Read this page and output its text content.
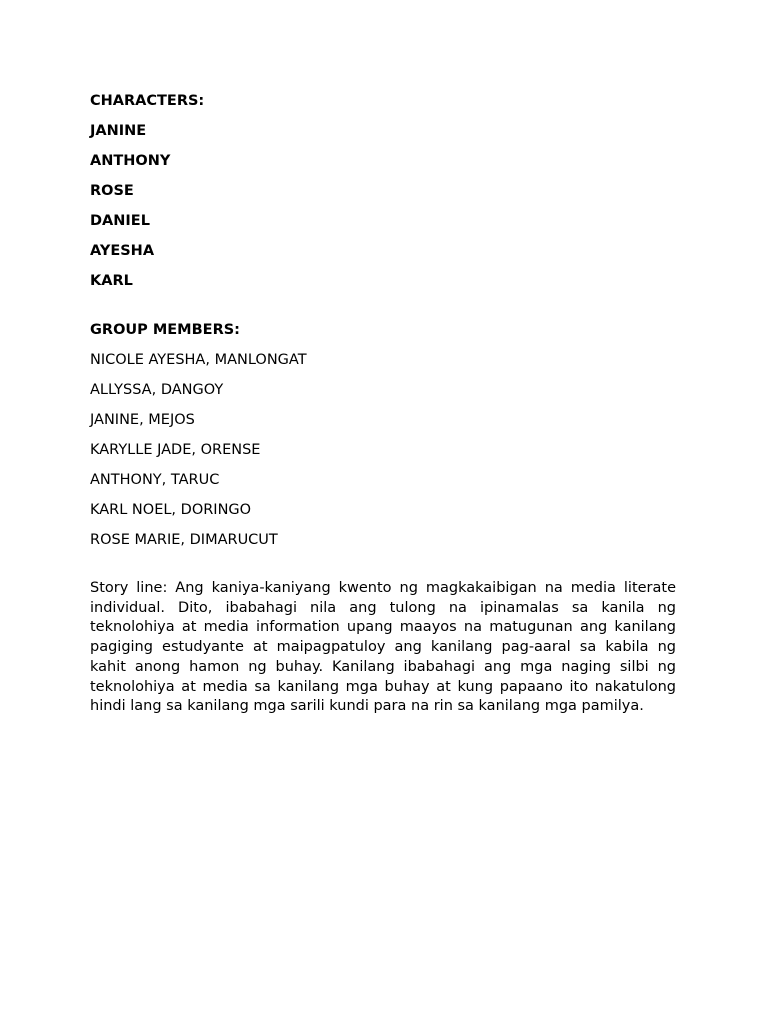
CHARACTERS:
JANINE
ANTHONY
ROSE
DANIEL
AYESHA
KARL
GROUP MEMBERS:
NICOLE AYESHA, MANLONGAT
ALLYSSA, DANGOY
JANINE, MEJOS
KARYLLE JADE, ORENSE
ANTHONY, TARUC
KARL NOEL, DORINGO
ROSE MARIE, DIMARUCUT
Story line: Ang kaniya-kaniyang kwento ng magkakaibigan na media literate individual. Dito, ibabahagi nila ang tulong na ipinamalas sa kanila ng teknolohiya at media information upang maayos na matugunan ang kanilang pagiging estudyante at maipagpatuloy ang kanilang pag-aaral sa kabila ng kahit anong hamon ng buhay. Kanilang ibabahagi ang mga naging silbi ng teknolohiya at media sa kanilang mga buhay at kung papaano ito nakatulong hindi lang sa kanilang mga sarili kundi para na rin sa kanilang mga pamilya.
